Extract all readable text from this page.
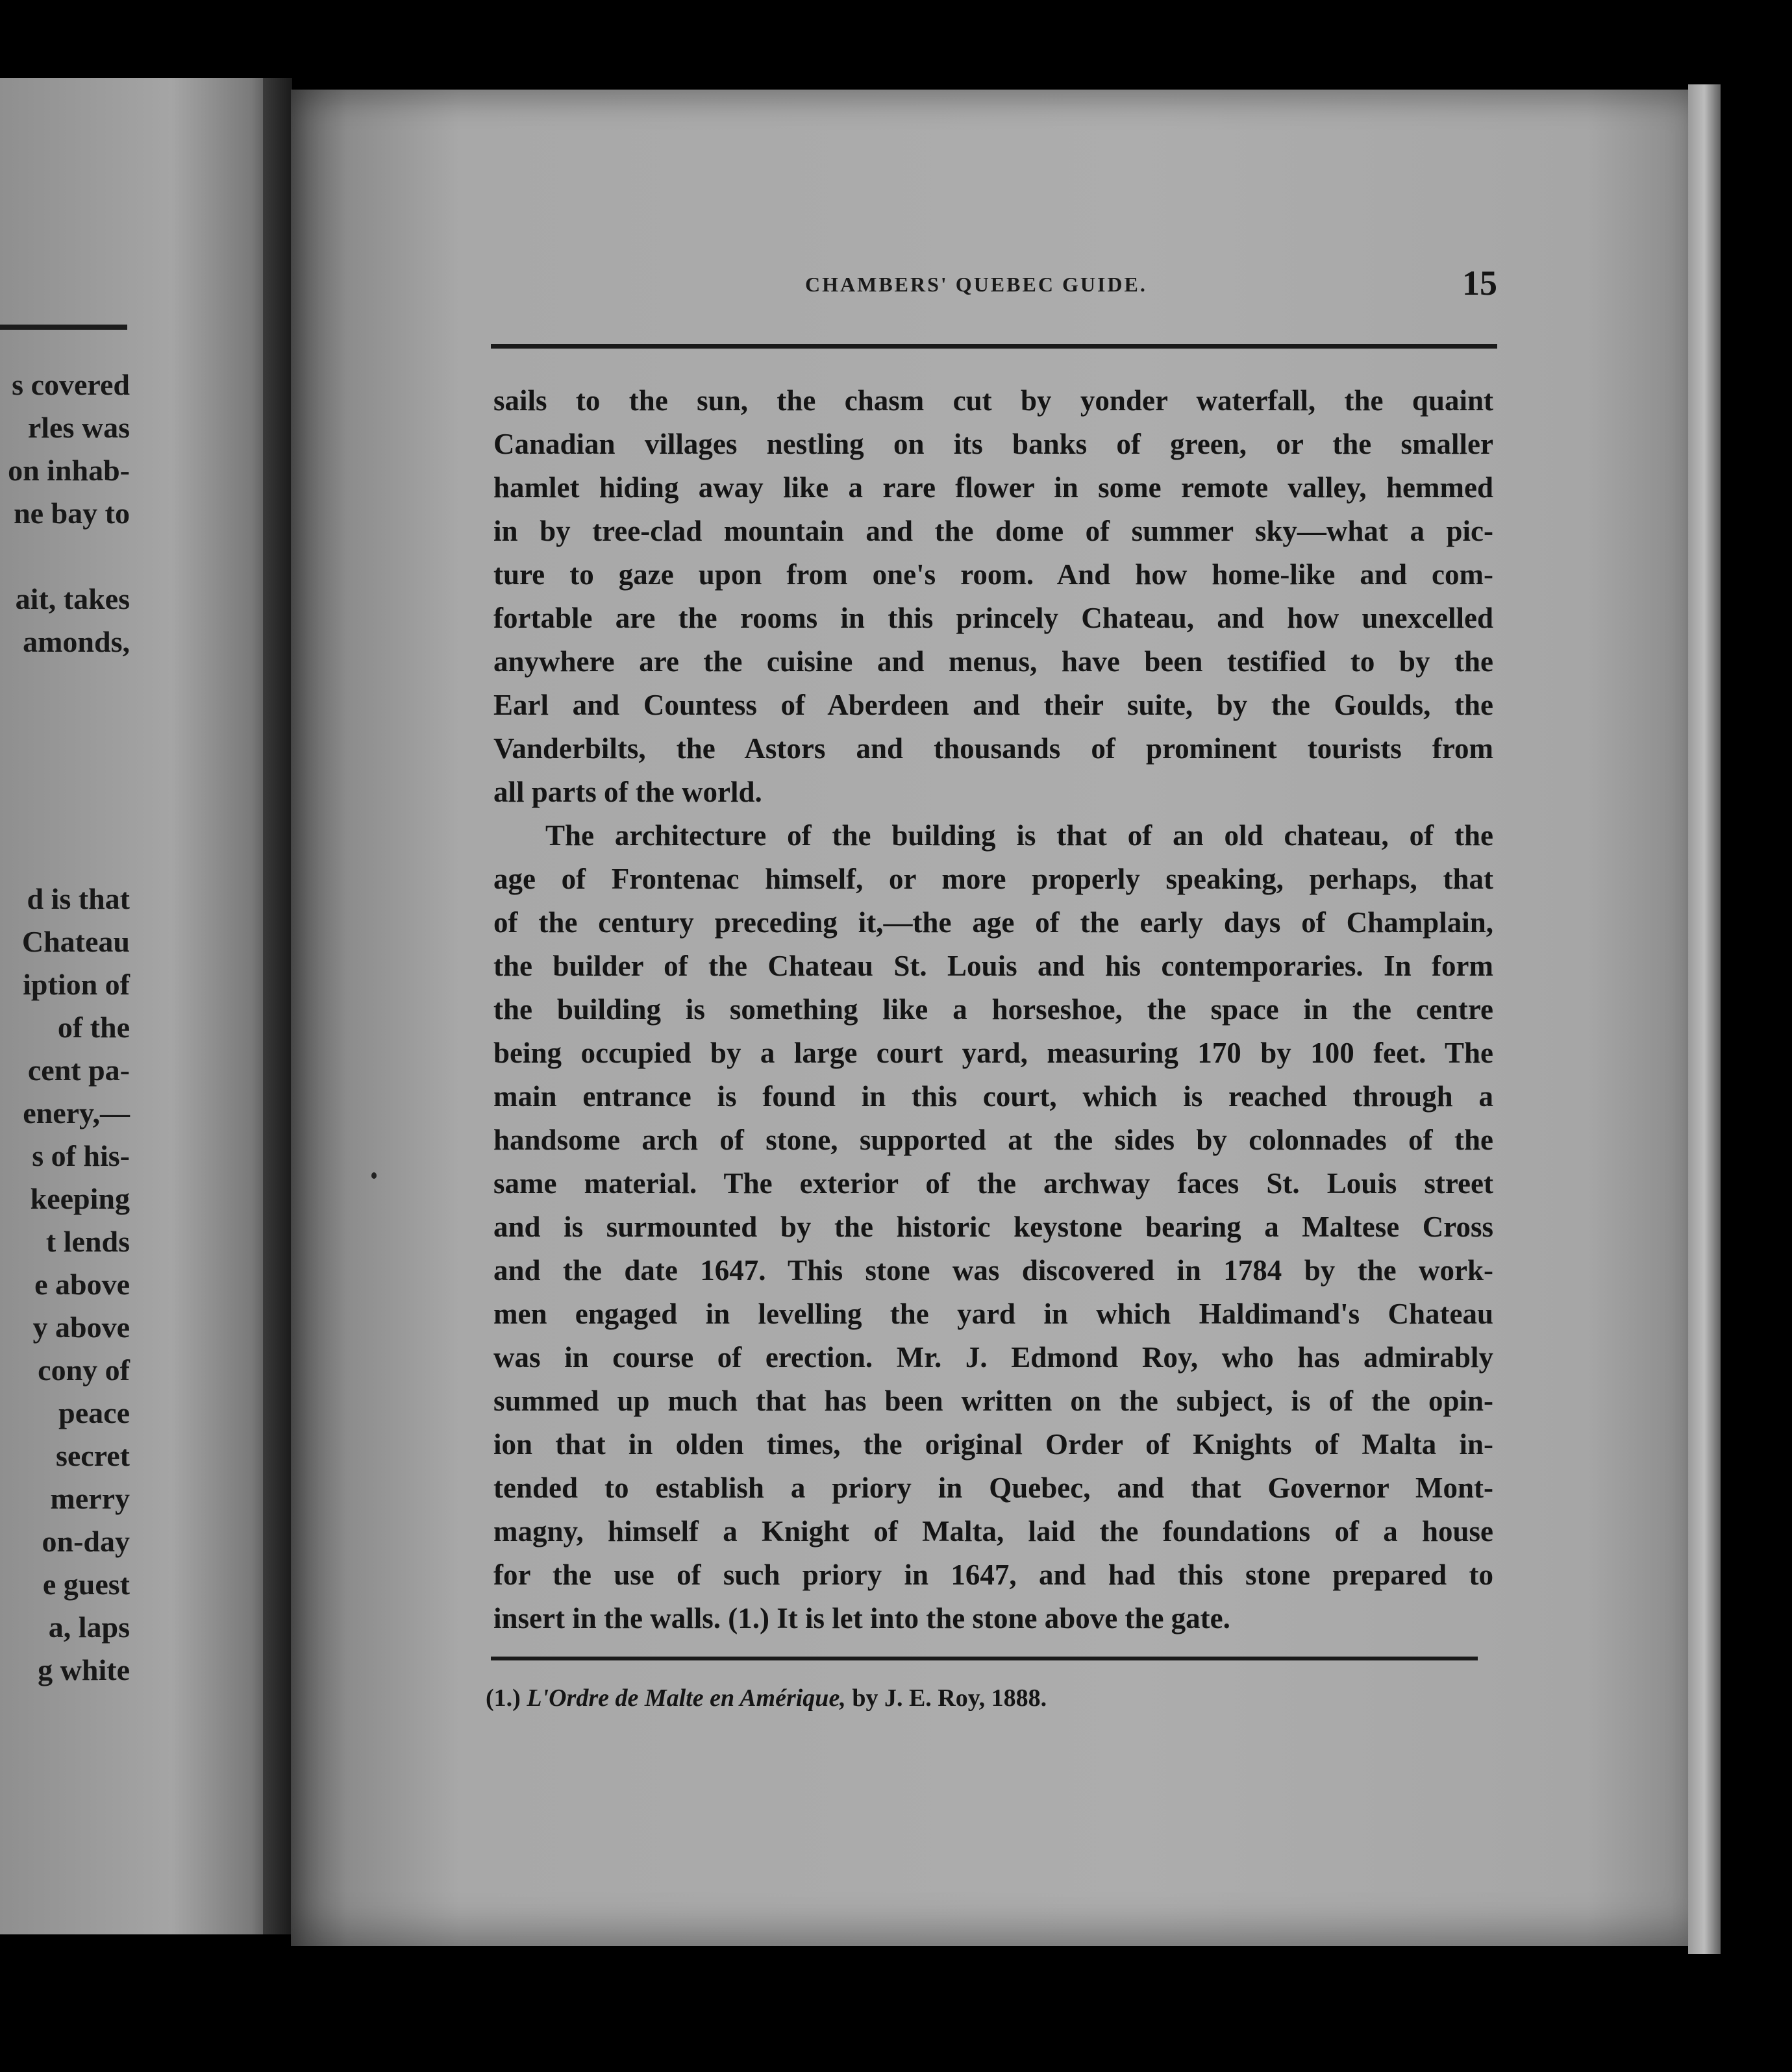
s covered
rles was
on inhab-
ne bay to
ait, takes
amonds,
d is that
Chateau
iption of
of the
cent pa-
enery,—
s of his-
keeping
t lends
e above
y above
cony of
peace
secret
merry
on-day
e guest
a, laps
g white
CHAMBERS' QUEBEC GUIDE.	15
sails to the sun, the chasm cut by yonder waterfall, the quaint
Canadian villages nestling on its banks of green, or the smaller
hamlet hiding away like a rare flower in some remote valley, hemmed
in by tree-clad mountain and the dome of summer sky—what a pic-
ture to gaze upon from one's room. And how home-like and com-
fortable are the rooms in this princely Chateau, and how unexcelled
anywhere are the cuisine and menus, have been testified to by the
Earl and Countess of Aberdeen and their suite, by the Goulds, the
Vanderbilts, the Astors and thousands of prominent tourists from
all parts of the world.
The architecture of the building is that of an old chateau, of the
age of Frontenac himself, or more properly speaking, perhaps, that
of the century preceding it,—the age of the early days of Champlain,
the builder of the Chateau St. Louis and his contemporaries. In form
the building is something like a horseshoe, the space in the centre
being occupied by a large court yard, measuring 170 by 100 feet. The
main entrance is found in this court, which is reached through a
handsome arch of stone, supported at the sides by colonnades of the
same material. The exterior of the archway faces St. Louis street
and is surmounted by the historic keystone bearing a Maltese Cross
and the date 1647. This stone was discovered in 1784 by the work-
men engaged in levelling the yard in which Haldimand's Chateau
was in course of erection. Mr. J. Edmond Roy, who has admirably
summed up much that has been written on the subject, is of the opin-
ion that in olden times, the original Order of Knights of Malta in-
tended to establish a priory in Quebec, and that Governor Mont-
magny, himself a Knight of Malta, laid the foundations of a house
for the use of such priory in 1647, and had this stone prepared to
insert in the walls. (1.) It is let into the stone above the gate.
(1.) L'Ordre de Malte en Amérique, by J. E. Roy, 1888.
